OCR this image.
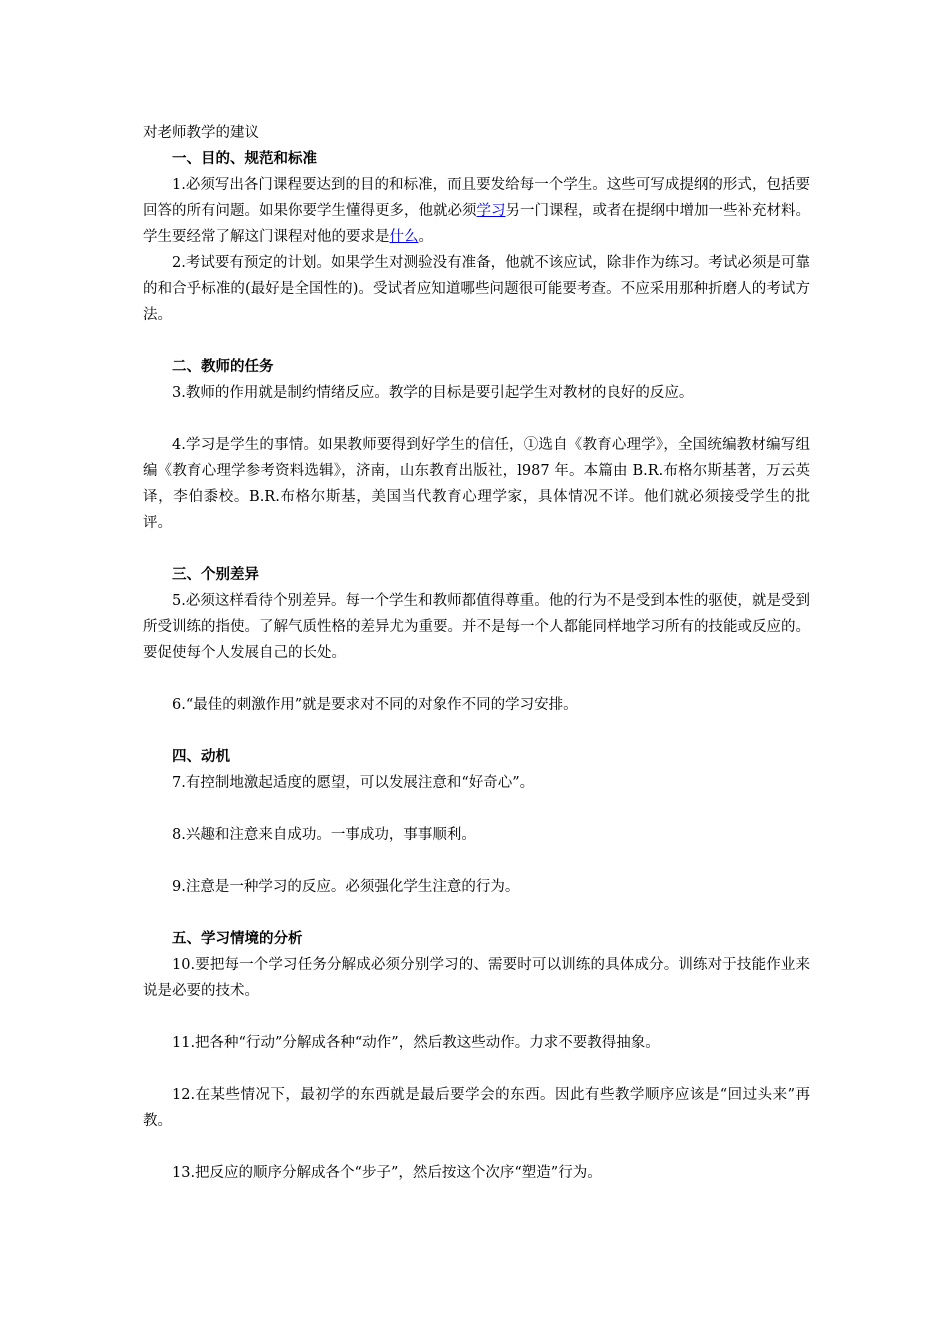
对老师教学的建议
一、目的、规范和标准

1.必须写出各门课程要达到的目的和标准，而且要发给每一个学生。这些可写成提纲的形式，包括要回答的所有问题。如果你要学生懂得更多，他就必须学习另一门课程，或者在提纲中增加一些补充材料。学生要经常了解这门课程对他的要求是什么。

2.考试要有预定的计划。如果学生对测验没有准备，他就不该应试，除非作为练习。考试必须是可靠的和合乎标准的(最好是全国性的)。受试者应知道哪些问题很可能要考查。不应采用那种折磨人的考试方法。

二、教师的任务

3.教师的作用就是制约情绪反应。教学的目标是要引起学生对教材的良好的反应。

4.学习是学生的事情。如果教师要得到好学生的信任，①选自《教育心理学》，全国统编教材编写组编《教育心理学参考资料选辑》，济南，山东教育出版社，l987 年。本篇由 B.R.布格尔斯基著，万云英译，李伯黍校。B.R.布格尔斯基，美国当代教育心理学家，具体情况不详。他们就必须接受学生的批评。

三、个别差异

5.必须这样看待个别差异。每一个学生和教师都值得尊重。他的行为不是受到本性的驱使，就是受到所受训练的指使。了解气质性格的差异尤为重要。并不是每一个人都能同样地学习所有的技能或反应的。要促使每个人发展自己的长处。

6.“最佳的刺激作用”就是要求对不同的对象作不同的学习安排。

四、动机

7.有控制地激起适度的愿望，可以发展注意和“好奇心”。

8.兴趣和注意来自成功。一事成功，事事顺利。

9.注意是一种学习的反应。必须强化学生注意的行为。

五、学习情境的分析

10.要把每一个学习任务分解成必须分别学习的、需要时可以训练的具体成分。训练对于技能作业来说是必要的技术。

11.把各种“行动”分解成各种“动作”，然后教这些动作。力求不要教得抽象。

12.在某些情况下，最初学的东西就是最后要学会的东西。因此有些教学顺序应该是“回过头来”再教。

13.把反应的顺序分解成各个“步子”，然后按这个次序“塑造”行为。
